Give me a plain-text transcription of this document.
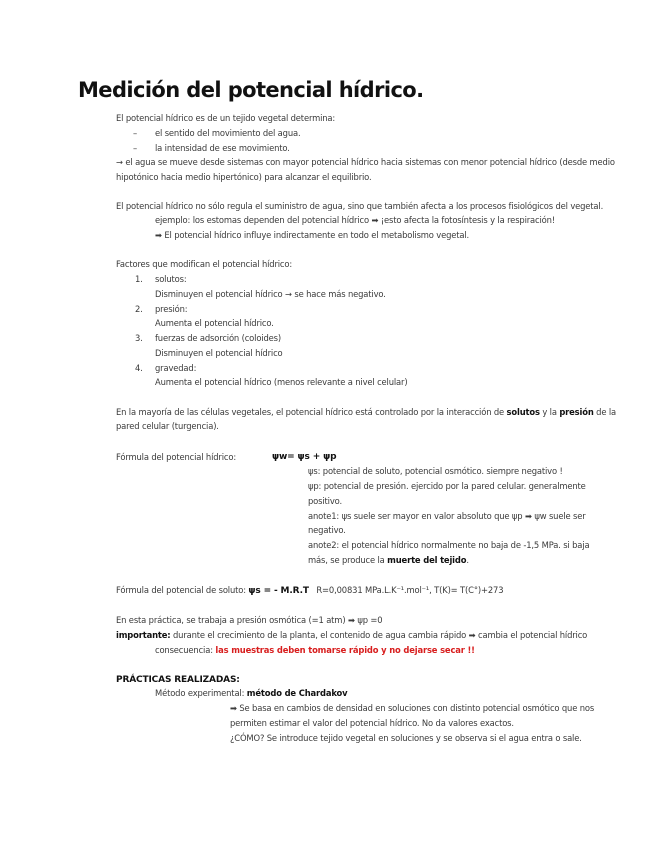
Medición del potencial hídrico.
El potencial hídrico es de un tejido vegetal determina:
– el sentido del movimiento del agua.
– la intensidad de ese movimiento.
→ el agua se mueve desde sistemas con mayor potencial hídrico hacia sistemas con menor potencial hídrico (desde medio
hipotónico hacia medio hipertónico) para alcanzar el equilibrio.
El potencial hídrico no sólo regula el suministro de agua, sino que también afecta a los procesos fisiológicos del vegetal.
ejemplo: los estomas dependen del potencial hídrico ➡ ¡esto afecta la fotosíntesis y la respiración!
➡ El potencial hídrico influye indirectamente en todo el metabolismo vegetal.
Factores que modifican el potencial hídrico:
1. solutos:
Disminuyen el potencial hídrico → se hace más negativo.
2. presión:
Aumenta el potencial hídrico.
3. fuerzas de adsorción (coloides)
Disminuyen el potencial hídrico
4. gravedad:
Aumenta el potencial hídrico (menos relevante a nivel celular)
En la mayoría de las células vegetales, el potencial hídrico está controlado por la interacción de solutos y la presión de la
pared celular (turgencia).
Fórmula del potencial hídrico:	ψw= ψs + ψp
ψs: potencial de soluto, potencial osmótico. siempre negativo !
ψp: potencial de presión. ejercido por la pared celular. generalmente
positivo.
anote1: ψs suele ser mayor en valor absoluto que ψp ➡ ψw suele ser
negativo.
anote2: el potencial hídrico normalmente no baja de -1,5 MPa. si baja
más, se produce la muerte del tejido.
Fórmula del potencial de soluto: ψs = - M.R.T R=0,00831 MPa.L.K⁻¹.mol⁻¹, T(K)= T(C°)+273
En esta práctica, se trabaja a presión osmótica (=1 atm) ➡ ψp =0
importante: durante el crecimiento de la planta, el contenido de agua cambia rápido ➡ cambia el potencial hídrico
consecuencia: las muestras deben tomarse rápido y no dejarse secar !!
PRÁCTICAS REALIZADAS:
Método experimental: método de Chardakov
➡ Se basa en cambios de densidad en soluciones con distinto potencial osmótico que nos
permiten estimar el valor del potencial hídrico. No da valores exactos.
¿CÓMO? Se introduce tejido vegetal en soluciones y se observa si el agua entra o sale.
